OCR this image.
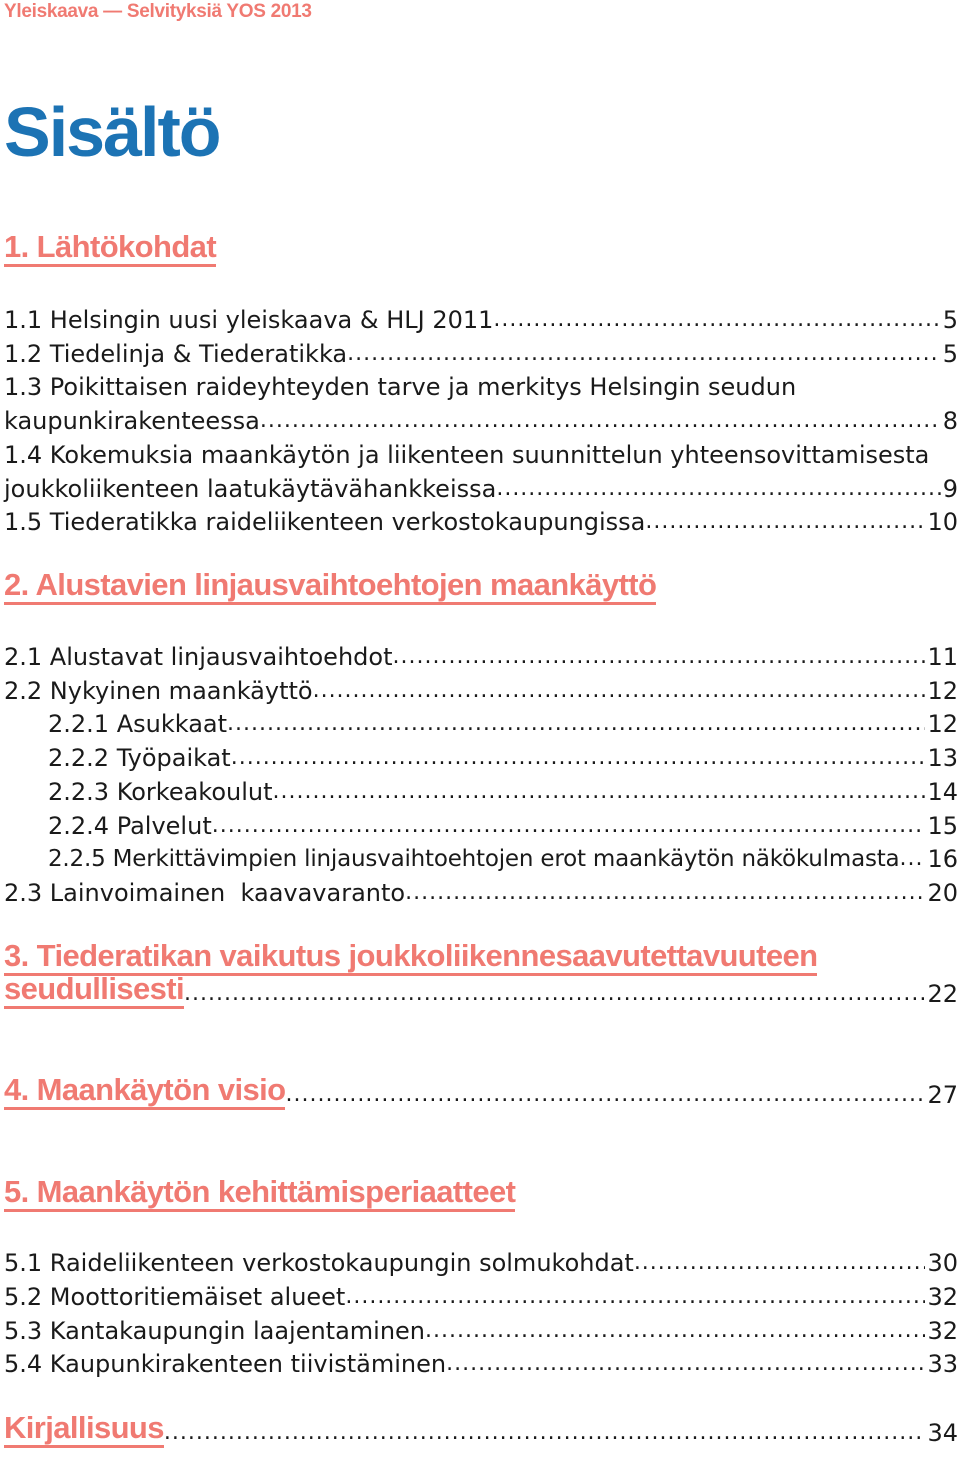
Yleiskaava — Selvityksiä YOS 2013
Sisältö
1. Lähtökohdat
1.1 Helsingin uusi yleiskaava & HLJ 2011 .....	5
1.2 Tiedelinja & Tiederatikka .....	5
1.3 Poikittaisen raideyhteyden tarve ja merkitys Helsingin seudun
kaupunkirakenteessa .....	8
1.4 Kokemuksia maankäytön ja liikenteen suunnittelun yhteensovittamisesta
joukkoliikenteen laatukäytävähankkeissa .....	9
1.5 Tiederatikka raideliikenteen verkostokaupungissa .....	10
2. Alustavien linjausvaihtoehtojen maankäyttö
2.1 Alustavat linjausvaihtoehdot .....	11
2.2 Nykyinen maankäyttö .....	12
2.2.1 Asukkaat .....	12
2.2.2 Työpaikat .....	13
2.2.3 Korkeakoulut .....	14
2.2.4 Palvelut .....	15
2.2.5 Merkittävimpien linjausvaihtoehtojen erot maankäytön näkökulmasta ..... 16
2.3 Lainvoimainen  kaavavaranto .....	20
3. Tiederatikan vaikutus joukkoliikennesaavutettavuuteen
seudullisesti .....	22
4. Maankäytön visio .....	27
5. Maankäytön kehittämisperiaatteet
5.1 Raideliikenteen verkostokaupungin solmukohdat .....	30
5.2 Moottoritiemäiset alueet .....	32
5.3 Kantakaupungin laajentaminen .....	32
5.4 Kaupunkirakenteen tiivistäminen .....	33
Kirjallisuus .....	34
